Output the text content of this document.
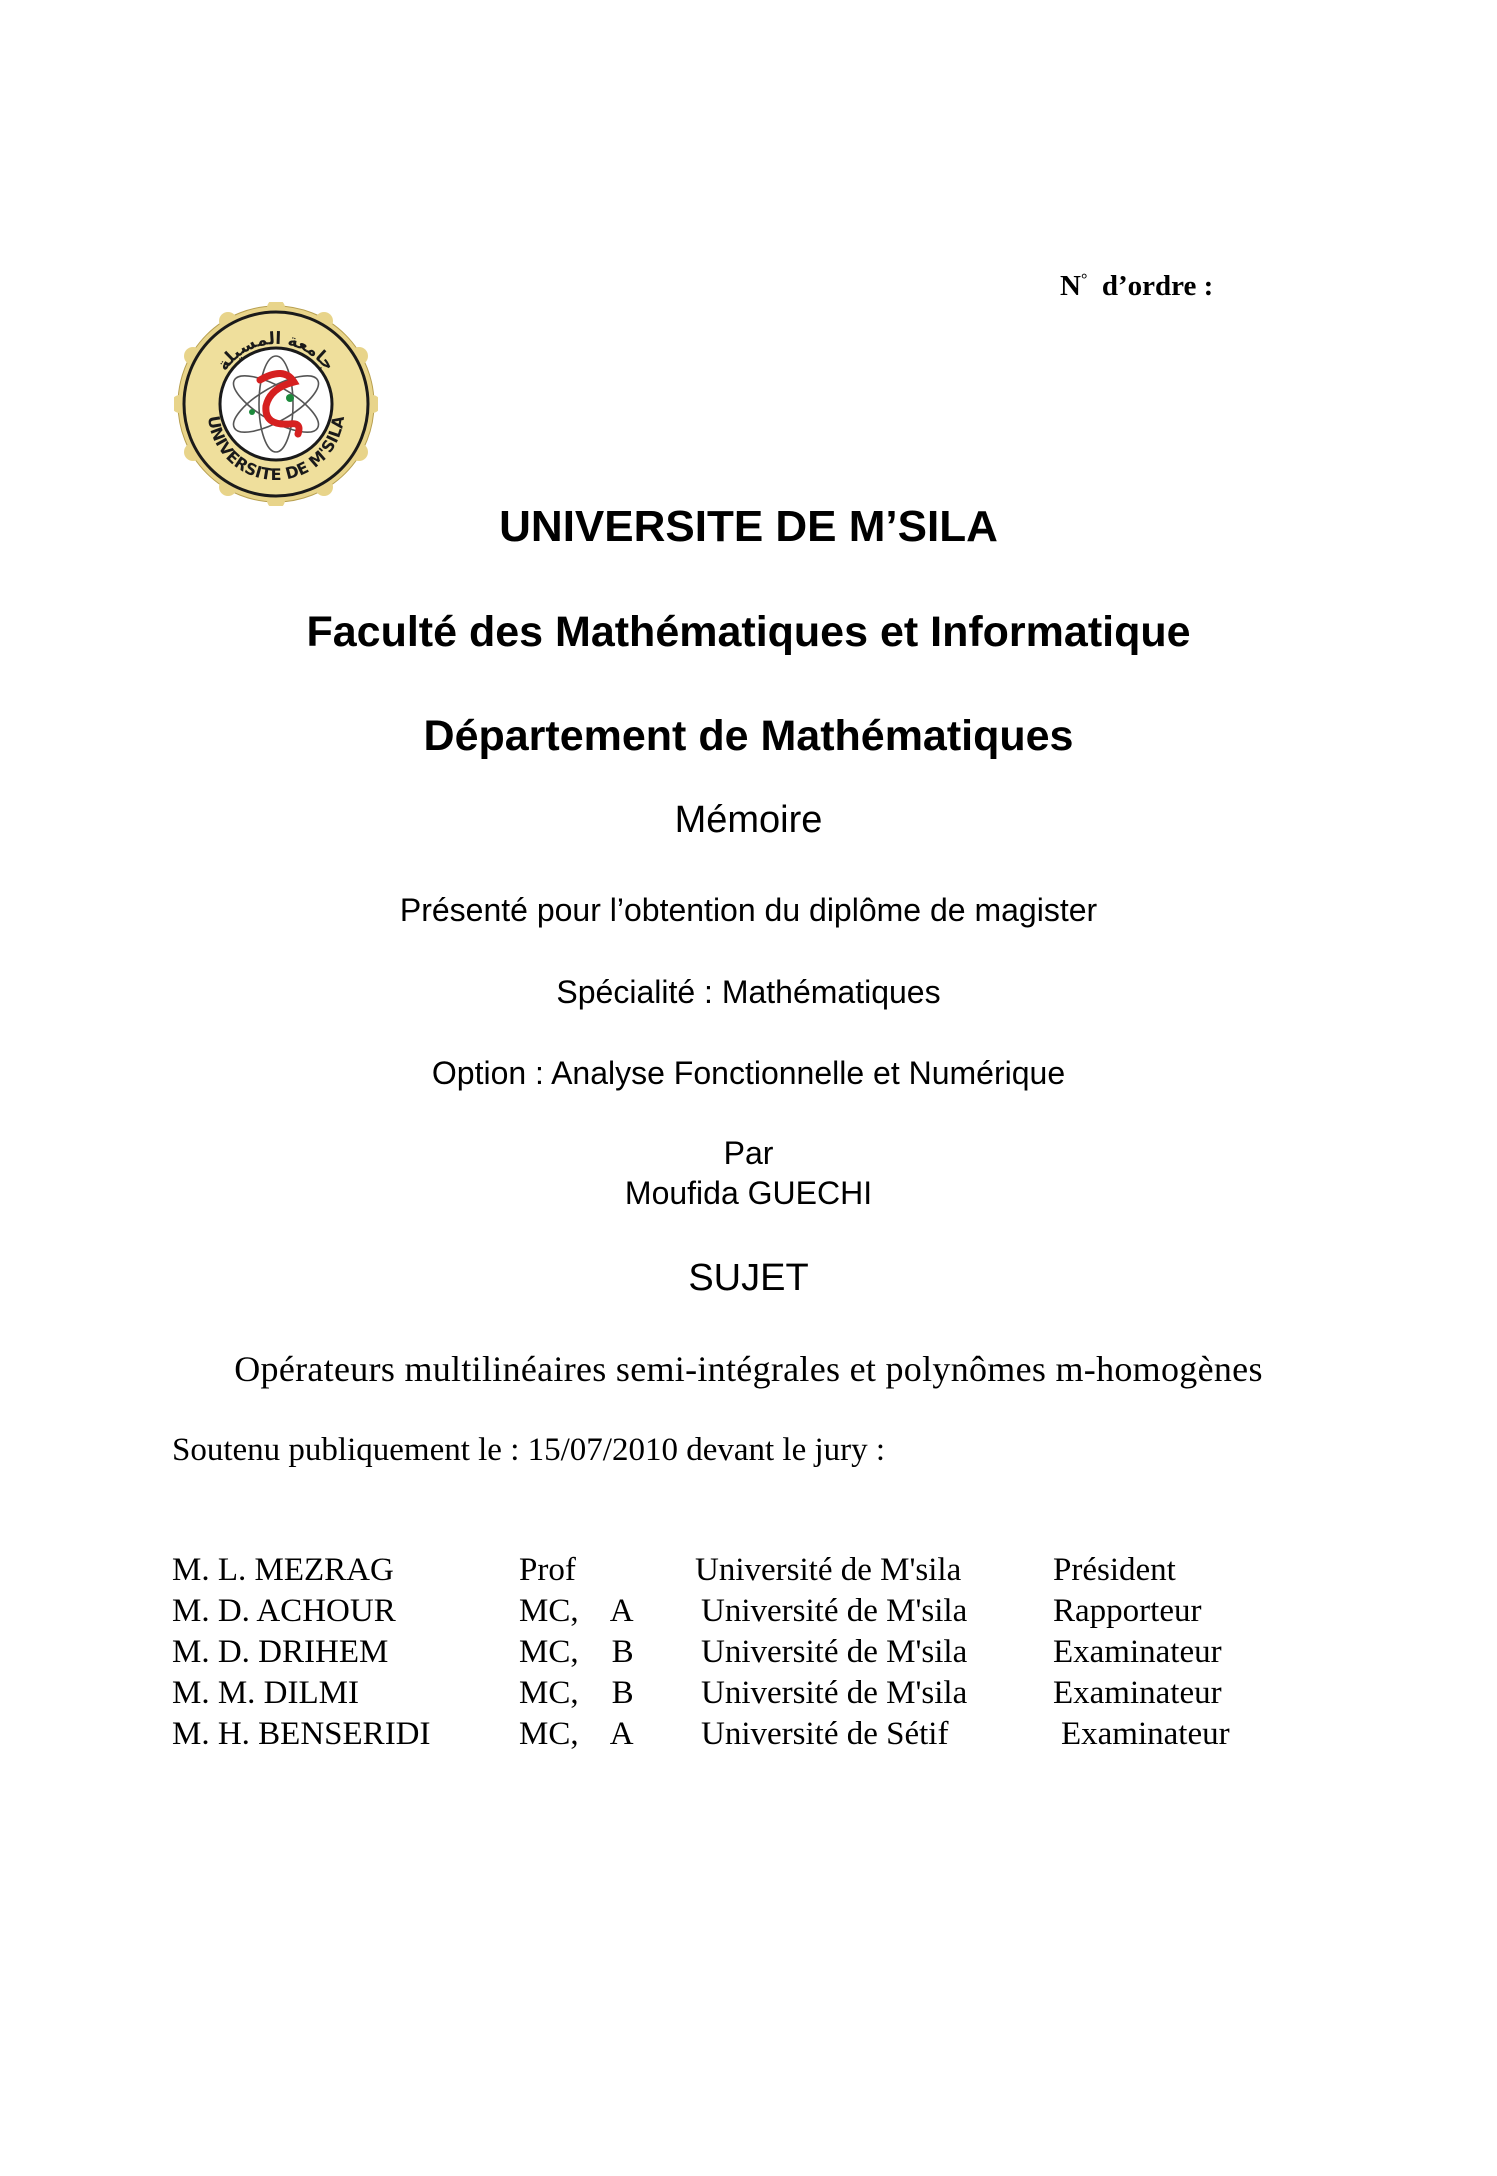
N° d’ordre :
جامعة المسيلة
UNIVERSITE DE M'SILA
UNIVERSITE DE M’SILA
Faculté des Mathématiques et Informatique
Département de Mathématiques
Mémoire
Présenté pour l’obtention du diplôme de magister
Spécialité : Mathématiques
Option : Analyse Fonctionnelle et Numérique
Par
Moufida GUECHI
SUJET
Opérateurs multilinéaires semi-intégrales et polynômes m-homogènes
Soutenu publiquement le : 15/07/2010 devant le jury :
M. L. MEZRAG	Prof	Université de M'sila	Président
M. D. ACHOUR	MC,    A Université de M'sila	Rapporteur
M. D. DRIHEM	MC,    B Université de M'sila	Examinateur
M. M. DILMI	MC,    B Université de M'sila	Examinateur
M. H. BENSERIDI	MC,    A Université de Sétif	Examinateur
